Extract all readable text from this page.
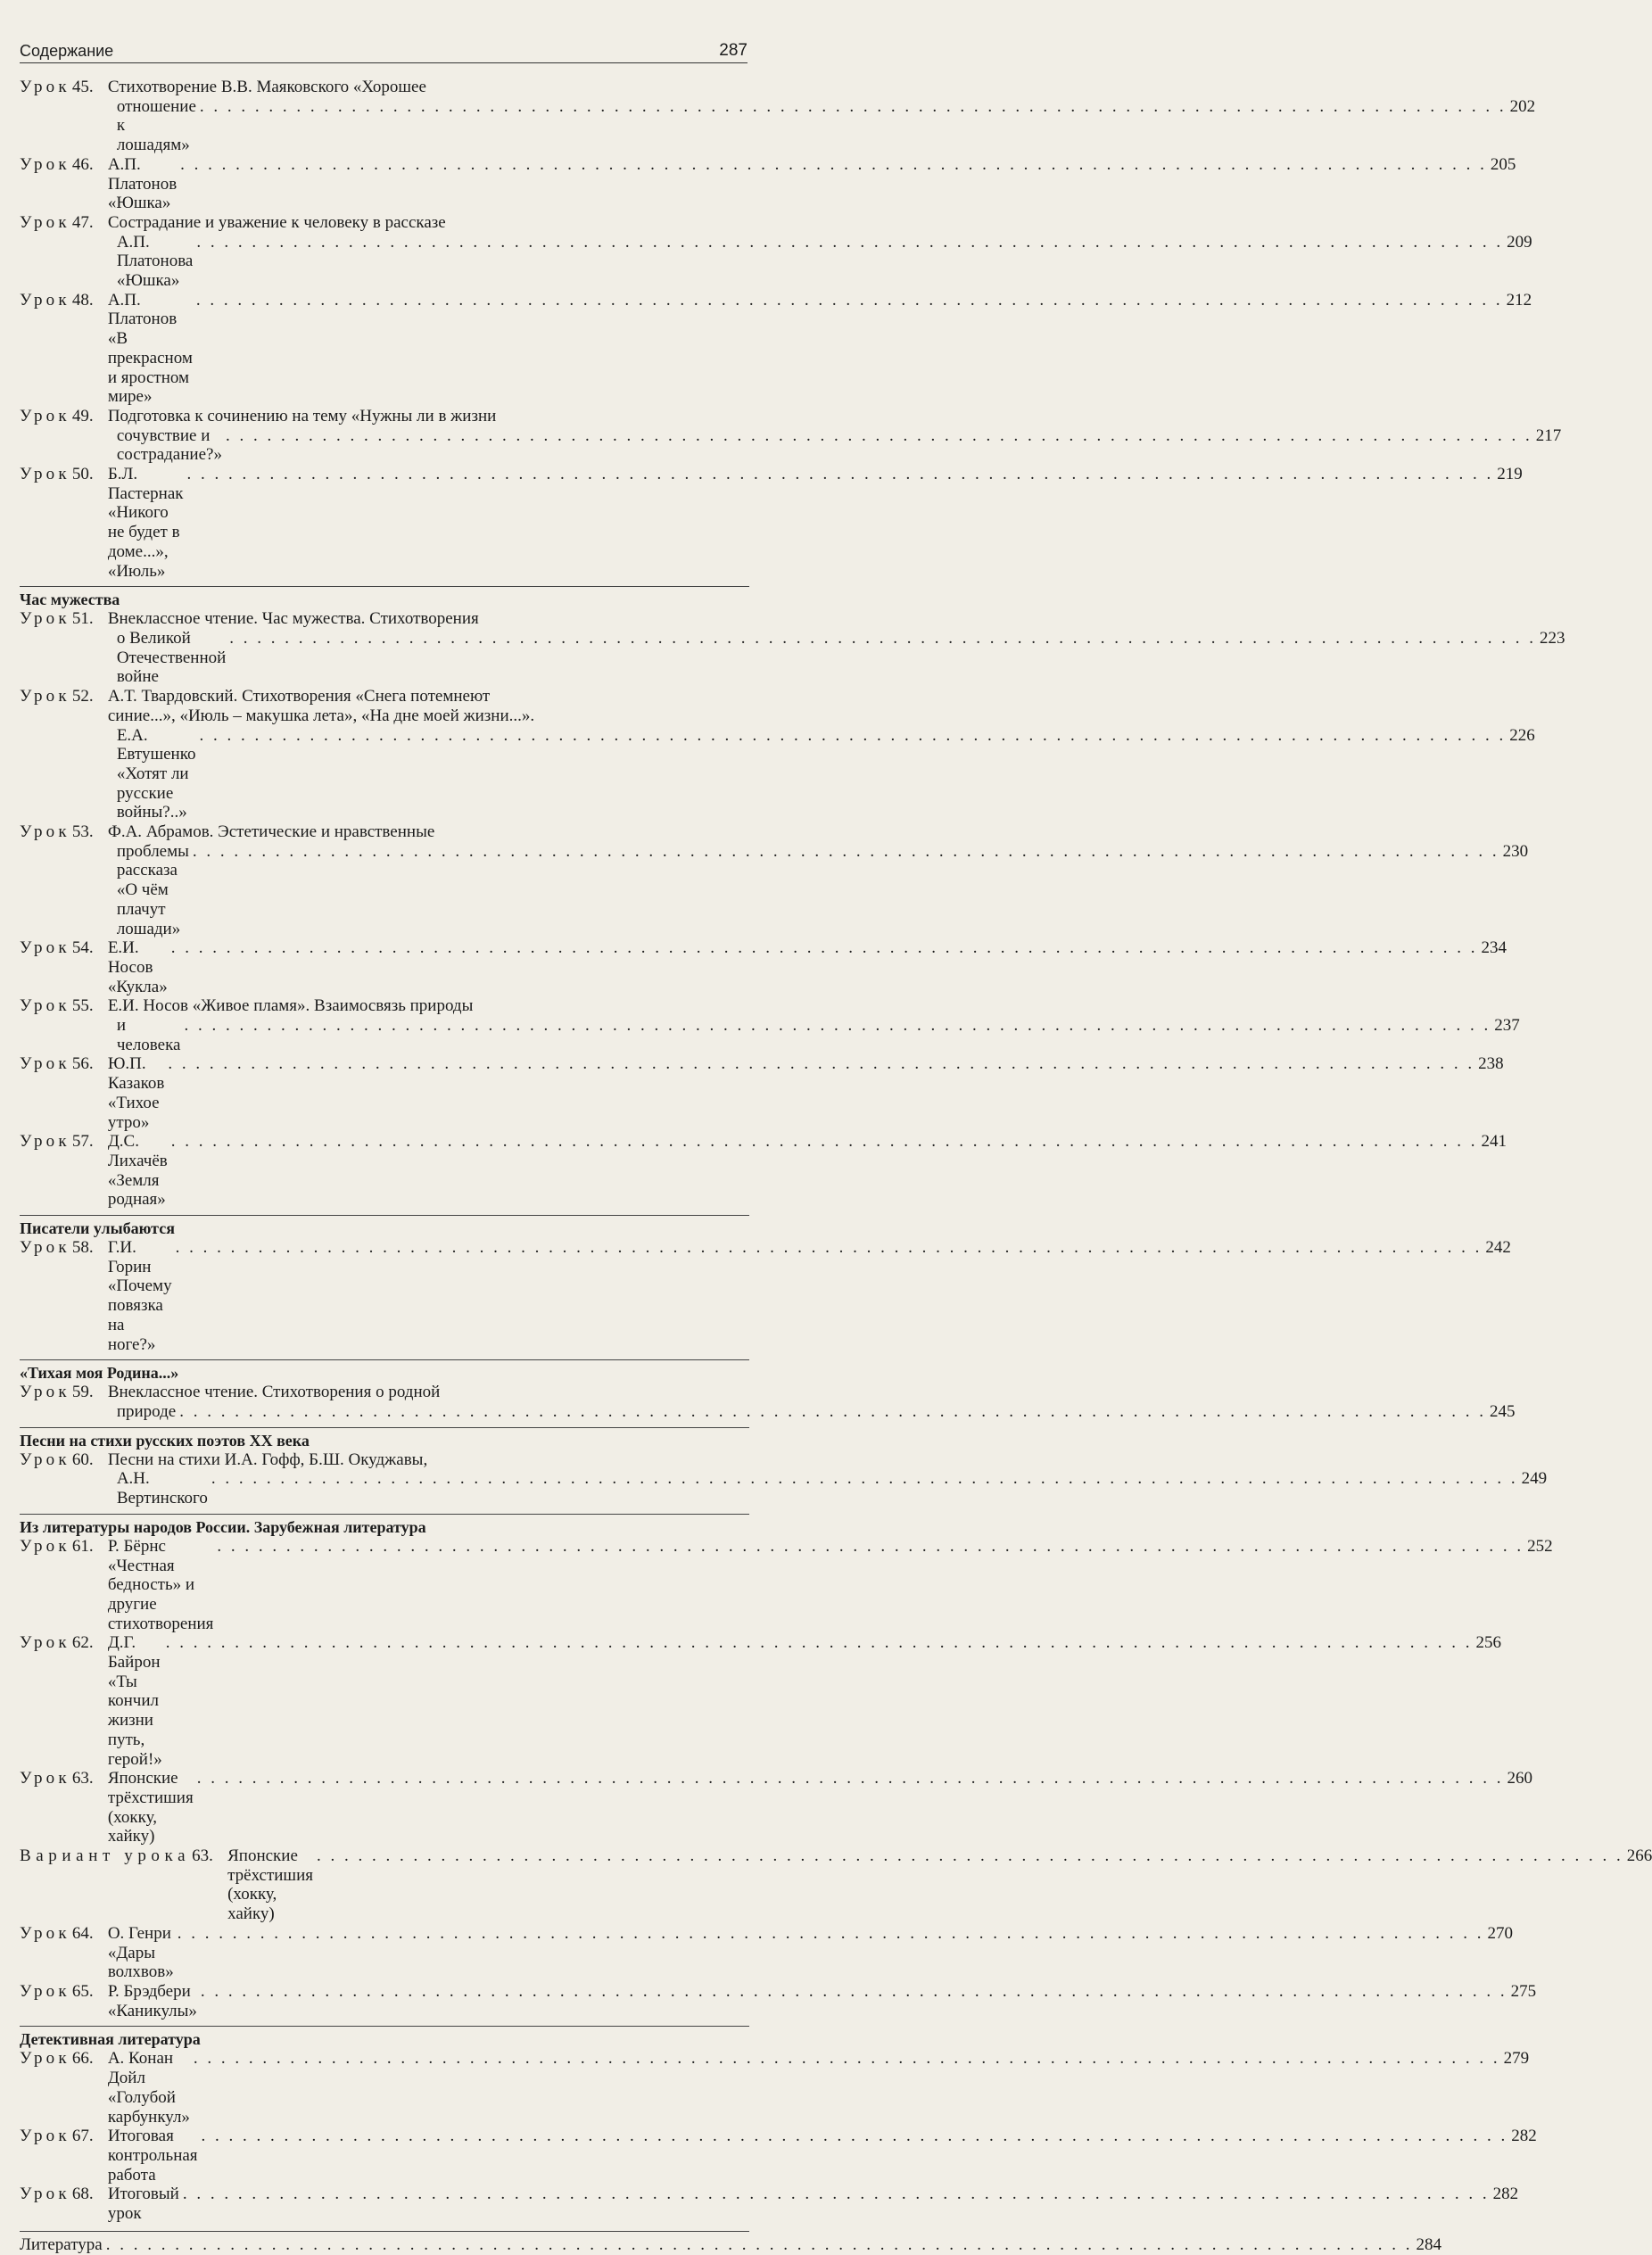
Содержание	287
Урок 45. Стихотворение В.В. Маяковского «Хорошее
отношение к лошадям»
. . . . . . . . . . . . . . . . . . . . . . . . . . . . . . . . . . . . . . . . . . . . . . . . . . . . . . . . . . . . . . . . . . . . . . . . . . . . . . . . . . . . . . . . . . . . . . . 202
Урок 46. А.П. Платонов «Юшка»
. . . . . . . . . . . . . . . . . . . . . . . . . . . . . . . . . . . . . . . . . . . . . . . . . . . . . . . . . . . . . . . . . . . . . . . . . . . . . . . . . . . . . . . . . . . . . . . 205
Урок 47. Сострадание и уважение к человеку в рассказе
А.П. Платонова «Юшка»
. . . . . . . . . . . . . . . . . . . . . . . . . . . . . . . . . . . . . . . . . . . . . . . . . . . . . . . . . . . . . . . . . . . . . . . . . . . . . . . . . . . . . . . . . . . . . . . 209
Урок 48. А.П. Платонов «В прекрасном и яростном мире»
. . . . . . . . . . . . . . . . . . . . . . . . . . . . . . . . . . . . . . . . . . . . . . . . . . . . . . . . . . . . . . . . . . . . . . . . . . . . . . . . . . . . . . . . . . . . . . . 212
Урок 49. Подготовка к сочинению на тему «Нужны ли в жизни
сочувствие и сострадание?»
. . . . . . . . . . . . . . . . . . . . . . . . . . . . . . . . . . . . . . . . . . . . . . . . . . . . . . . . . . . . . . . . . . . . . . . . . . . . . . . . . . . . . . . . . . . . . . . 217
Урок 50. Б.Л. Пастернак «Никого не будет в доме...», «Июль»
. . . . . . . . . . . . . . . . . . . . . . . . . . . . . . . . . . . . . . . . . . . . . . . . . . . . . . . . . . . . . . . . . . . . . . . . . . . . . . . . . . . . . . . . . . . . . . . 219
Час мужества
Урок 51. Внеклассное чтение. Час мужества. Стихотворения
о Великой Отечественной войне
. . . . . . . . . . . . . . . . . . . . . . . . . . . . . . . . . . . . . . . . . . . . . . . . . . . . . . . . . . . . . . . . . . . . . . . . . . . . . . . . . . . . . . . . . . . . . . . 223
Урок 52. А.Т. Твардовский. Стихотворения «Снега потемнеют
синие...», «Июль – макушка лета», «На дне моей жизни...».
Е.А. Евтушенко «Хотят ли русские войны?..»
. . . . . . . . . . . . . . . . . . . . . . . . . . . . . . . . . . . . . . . . . . . . . . . . . . . . . . . . . . . . . . . . . . . . . . . . . . . . . . . . . . . . . . . . . . . . . . . 226
Урок 53. Ф.А. Абрамов. Эстетические и нравственные
проблемы рассказа «О чём плачут лошади»
. . . . . . . . . . . . . . . . . . . . . . . . . . . . . . . . . . . . . . . . . . . . . . . . . . . . . . . . . . . . . . . . . . . . . . . . . . . . . . . . . . . . . . . . . . . . . . . 230
Урок 54. Е.И. Носов «Кукла»
. . . . . . . . . . . . . . . . . . . . . . . . . . . . . . . . . . . . . . . . . . . . . . . . . . . . . . . . . . . . . . . . . . . . . . . . . . . . . . . . . . . . . . . . . . . . . . . 234
Урок 55. Е.И. Носов «Живое пламя». Взаимосвязь природы
и человека
. . . . . . . . . . . . . . . . . . . . . . . . . . . . . . . . . . . . . . . . . . . . . . . . . . . . . . . . . . . . . . . . . . . . . . . . . . . . . . . . . . . . . . . . . . . . . . . 237
Урок 56. Ю.П. Казаков «Тихое утро»
. . . . . . . . . . . . . . . . . . . . . . . . . . . . . . . . . . . . . . . . . . . . . . . . . . . . . . . . . . . . . . . . . . . . . . . . . . . . . . . . . . . . . . . . . . . . . . . 238
Урок 57. Д.С. Лихачёв «Земля родная»
. . . . . . . . . . . . . . . . . . . . . . . . . . . . . . . . . . . . . . . . . . . . . . . . . . . . . . . . . . . . . . . . . . . . . . . . . . . . . . . . . . . . . . . . . . . . . . . 241
Писатели улыбаются
Урок 58. Г.И. Горин «Почему повязка на ноге?»
. . . . . . . . . . . . . . . . . . . . . . . . . . . . . . . . . . . . . . . . . . . . . . . . . . . . . . . . . . . . . . . . . . . . . . . . . . . . . . . . . . . . . . . . . . . . . . . 242
«Тихая моя Родина...»
Урок 59. Внеклассное чтение. Стихотворения о родной
природе . . . . . . . . . . . . . . . . . . . . . . . . . . . . . . . . . . . . . . . . . . . . . . . . . . . . . . . . . . . . . . . . . . . . . . . . . . . . . . . . . . . . . . . . . . . . . . . 245
Песни на стихи русских поэтов XX века
Урок 60. Песни на стихи И.А. Гофф, Б.Ш. Окуджавы,
А.Н. Вертинского
. . . . . . . . . . . . . . . . . . . . . . . . . . . . . . . . . . . . . . . . . . . . . . . . . . . . . . . . . . . . . . . . . . . . . . . . . . . . . . . . . . . . . . . . . . . . . . . 249
Из литературы народов России. Зарубежная литература
Урок 61. Р. Бёрнс «Честная бедность» и другие стихотворения
. . . . . . . . . . . . . . . . . . . . . . . . . . . . . . . . . . . . . . . . . . . . . . . . . . . . . . . . . . . . . . . . . . . . . . . . . . . . . . . . . . . . . . . . . . . . . . . 252
Урок 62. Д.Г. Байрон «Ты кончил жизни путь, герой!»
. . . . . . . . . . . . . . . . . . . . . . . . . . . . . . . . . . . . . . . . . . . . . . . . . . . . . . . . . . . . . . . . . . . . . . . . . . . . . . . . . . . . . . . . . . . . . . . 256
Урок 63. Японские трёхстишия (хокку, хайку)
. . . . . . . . . . . . . . . . . . . . . . . . . . . . . . . . . . . . . . . . . . . . . . . . . . . . . . . . . . . . . . . . . . . . . . . . . . . . . . . . . . . . . . . . . . . . . . . 260
Вариант урока 63. Японские трёхстишия (хокку, хайку)
. . . . . . . . . . . . . . . . . . . . . . . . . . . . . . . . . . . . . . . . . . . . . . . . . . . . . . . . . . . . . . . . . . . . . . . . . . . . . . . . . . . . . . . . . . . . . . . 266
Урок 64. О. Генри «Дары волхвов»
. . . . . . . . . . . . . . . . . . . . . . . . . . . . . . . . . . . . . . . . . . . . . . . . . . . . . . . . . . . . . . . . . . . . . . . . . . . . . . . . . . . . . . . . . . . . . . . 270
Урок 65. Р. Брэдбери «Каникулы»
. . . . . . . . . . . . . . . . . . . . . . . . . . . . . . . . . . . . . . . . . . . . . . . . . . . . . . . . . . . . . . . . . . . . . . . . . . . . . . . . . . . . . . . . . . . . . . . 275
Детективная литература
Урок 66. А. Конан Дойл «Голубой карбункул»
. . . . . . . . . . . . . . . . . . . . . . . . . . . . . . . . . . . . . . . . . . . . . . . . . . . . . . . . . . . . . . . . . . . . . . . . . . . . . . . . . . . . . . . . . . . . . . . 279
Урок 67. Итоговая контрольная работа
. . . . . . . . . . . . . . . . . . . . . . . . . . . . . . . . . . . . . . . . . . . . . . . . . . . . . . . . . . . . . . . . . . . . . . . . . . . . . . . . . . . . . . . . . . . . . . . 282
Урок 68. Итоговый урок
. . . . . . . . . . . . . . . . . . . . . . . . . . . . . . . . . . . . . . . . . . . . . . . . . . . . . . . . . . . . . . . . . . . . . . . . . . . . . . . . . . . . . . . . . . . . . . . 282
Литература . . . . . . . . . . . . . . . . . . . . . . . . . . . . . . . . . . . . . . . . . . . . . . . . . . . . . . . . . . . . . . . . . . . . . . . . . . . . . . . . . . . . . . . . . . . . . . . 284
